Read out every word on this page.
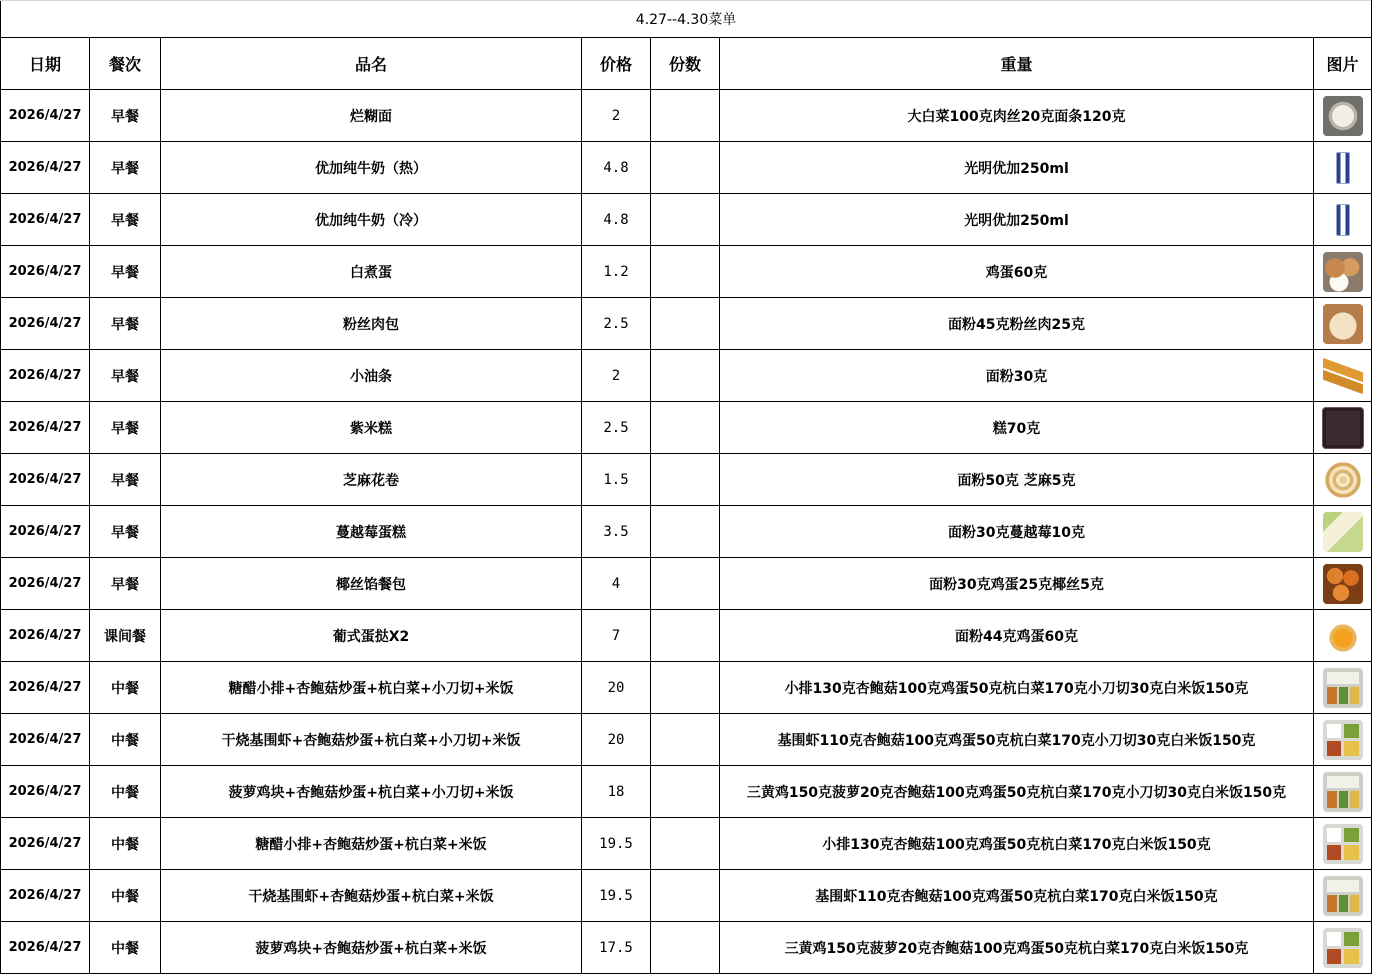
4.27--4.30菜单						
日期	餐次	品名	价格	份数	重量	图片
2026/4/27	早餐	烂糊面	2		大白菜100克肉丝20克面条120克	

2026/4/27	早餐	优加纯牛奶（热）	4.8		光明优加250ml	

2026/4/27	早餐	优加纯牛奶（冷）	4.8		光明优加250ml	

2026/4/27	早餐	白煮蛋	1.2		鸡蛋60克	

2026/4/27	早餐	粉丝肉包	2.5		面粉45克粉丝肉25克	

2026/4/27	早餐	小油条	2		面粉30克	

2026/4/27	早餐	紫米糕	2.5		糕70克	

2026/4/27	早餐	芝麻花卷	1.5		面粉50克 芝麻5克	

2026/4/27	早餐	蔓越莓蛋糕	3.5		面粉30克蔓越莓10克	

2026/4/27	早餐	椰丝馅餐包	4		面粉30克鸡蛋25克椰丝5克	

2026/4/27	课间餐	葡式蛋挞X2	7		面粉44克鸡蛋60克	

2026/4/27	中餐	糖醋小排+杏鲍菇炒蛋+杭白菜+小刀切+米饭	20		小排130克杏鲍菇100克鸡蛋50克杭白菜170克小刀切30克白米饭150克	

2026/4/27	中餐	干烧基围虾+杏鲍菇炒蛋+杭白菜+小刀切+米饭	20		基围虾110克杏鲍菇100克鸡蛋50克杭白菜170克小刀切30克白米饭150克	

2026/4/27	中餐	菠萝鸡块+杏鲍菇炒蛋+杭白菜+小刀切+米饭	18		三黄鸡150克菠萝20克杏鲍菇100克鸡蛋50克杭白菜170克小刀切30克白米饭150克	

2026/4/27	中餐	糖醋小排+杏鲍菇炒蛋+杭白菜+米饭	19.5		小排130克杏鲍菇100克鸡蛋50克杭白菜170克白米饭150克	

2026/4/27	中餐	干烧基围虾+杏鲍菇炒蛋+杭白菜+米饭	19.5		基围虾110克杏鲍菇100克鸡蛋50克杭白菜170克白米饭150克	

2026/4/27	中餐	菠萝鸡块+杏鲍菇炒蛋+杭白菜+米饭	17.5		三黄鸡150克菠萝20克杏鲍菇100克鸡蛋50克杭白菜170克白米饭150克	
